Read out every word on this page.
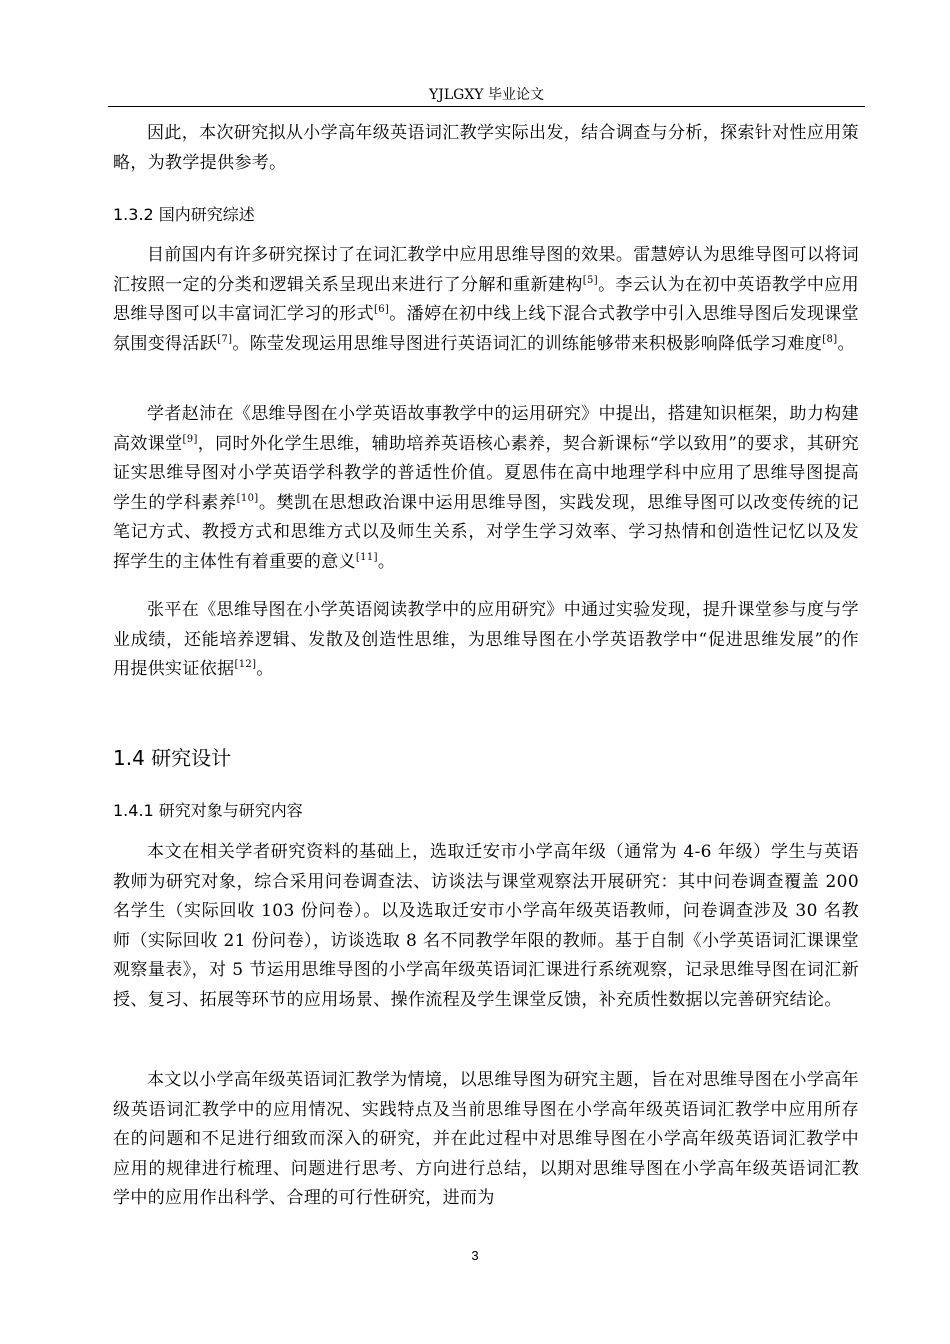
YJLGXY 毕业论文

因此，本次研究拟从小学高年级英语词汇教学实际出发，结合调查与分析，探索针对性应用策略，为教学提供参考。

1.3.2 国内研究综述

目前国内有许多研究探讨了在词汇教学中应用思维导图的效果。雷慧婷认为思维导图可以将词汇按照一定的分类和逻辑关系呈现出来进行了分解和重新建构[5]。李云认为在初中英语教学中应用思维导图可以丰富词汇学习的形式[6]。潘婷在初中线上线下混合式教学中引入思维导图后发现课堂氛围变得活跃[7]。陈莹发现运用思维导图进行英语词汇的训练能够带来积极影响降低学习难度[8]。

学者赵沛在《思维导图在小学英语故事教学中的运用研究》中提出，搭建知识框架，助力构建高效课堂[9]，同时外化学生思维，辅助培养英语核心素养，契合新课标“学以致用”的要求，其研究证实思维导图对小学英语学科教学的普适性价值。夏恩伟在高中地理学科中应用了思维导图提高学生的学科素养[10]。樊凯在思想政治课中运用思维导图，实践发现，思维导图可以改变传统的记笔记方式、教授方式和思维方式以及师生关系，对学生学习效率、学习热情和创造性记忆以及发挥学生的主体性有着重要的意义[11]。

张平在《思维导图在小学英语阅读教学中的应用研究》中通过实验发现，提升课堂参与度与学业成绩，还能培养逻辑、发散及创造性思维，为思维导图在小学英语教学中“促进思维发展”的作用提供实证依据[12]。

1.4 研究设计
1.4.1 研究对象与研究内容

本文在相关学者研究资料的基础上，选取迁安市小学高年级（通常为 4-6 年级）学生与英语教师为研究对象，综合采用问卷调查法、访谈法与课堂观察法开展研究：其中问卷调查覆盖 200 名学生（实际回收 103 份问卷）。以及选取迁安市小学高年级英语教师，问卷调查涉及 30 名教师（实际回收 21 份问卷），访谈选取 8 名不同教学年限的教师。基于自制《小学英语词汇课课堂观察量表》，对 5 节运用思维导图的小学高年级英语词汇课进行系统观察，记录思维导图在词汇新授、复习、拓展等环节的应用场景、操作流程及学生课堂反馈，补充质性数据以完善研究结论。

本文以小学高年级英语词汇教学为情境，以思维导图为研究主题，旨在对思维导图在小学高年级英语词汇教学中的应用情况、实践特点及当前思维导图在小学高年级英语词汇教学中应用所存在的问题和不足进行细致而深入的研究，并在此过程中对思维导图在小学高年级英语词汇教学中应用的规律进行梳理、问题进行思考、方向进行总结，以期对思维导图在小学高年级英语词汇教学中的应用作出科学、合理的可行性研究，进而为

3
